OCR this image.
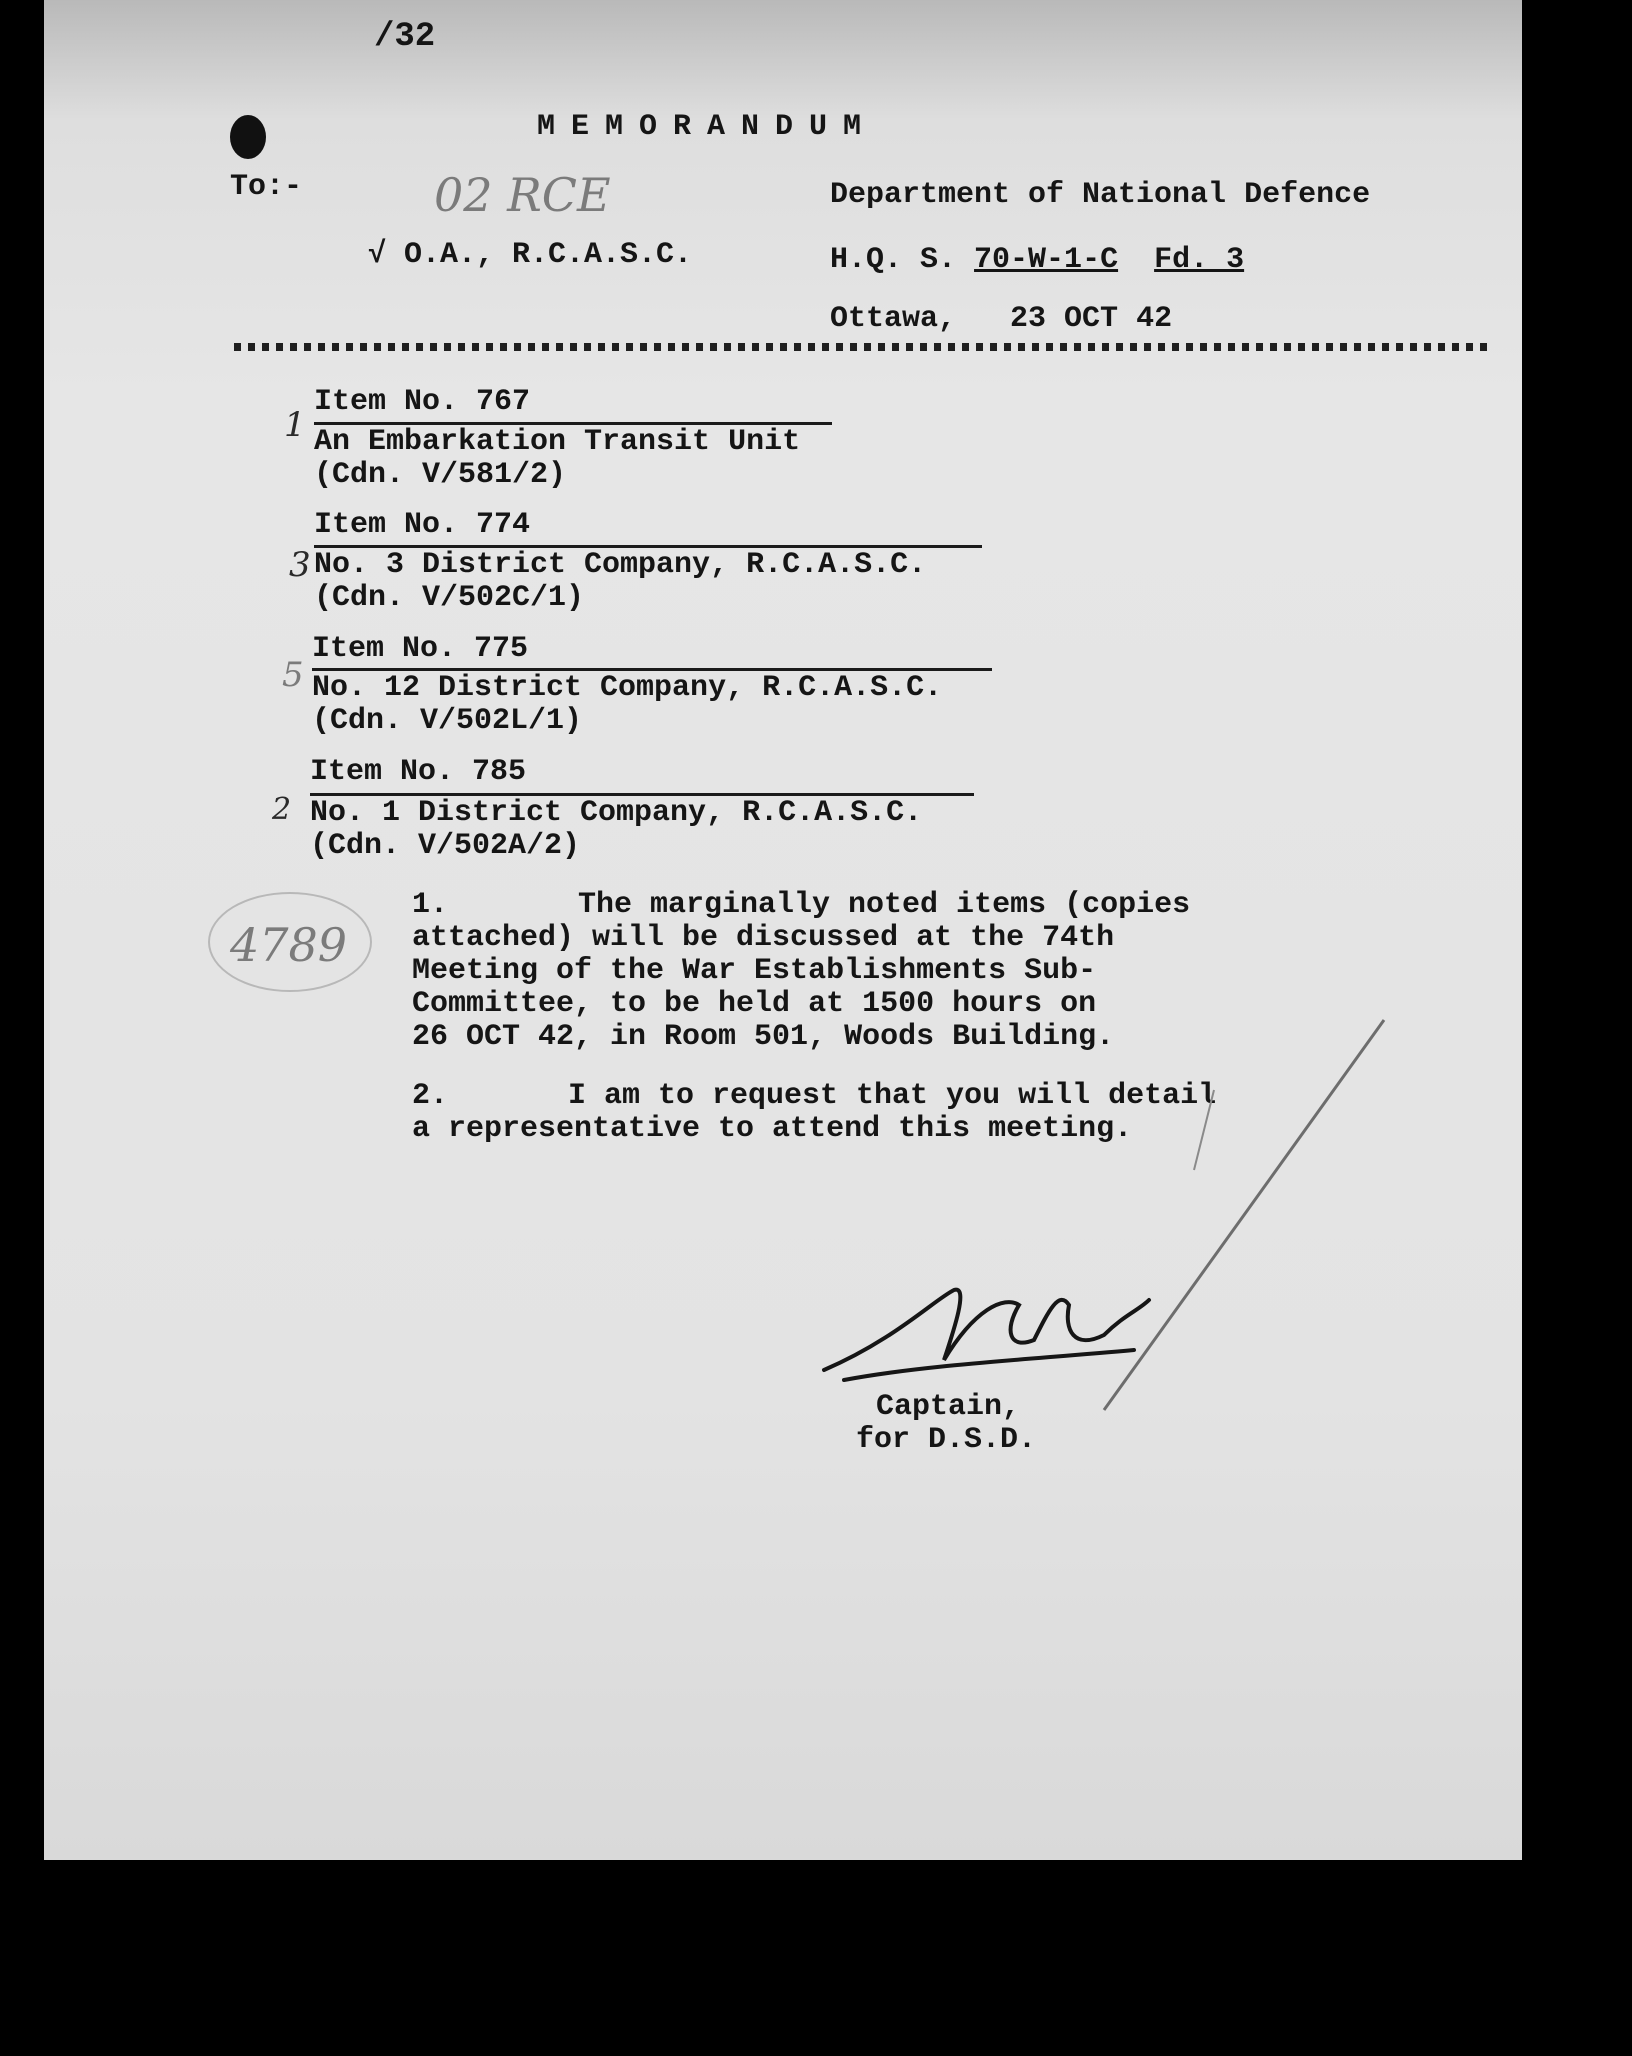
/32
MEMORANDUM
To:-	02 RCE
√ O.A., R.C.A.S.C.
Department of National Defence
H.Q. S. 70-W-1-C Fd. 3
Ottawa, 23 OCT 42
Item No. 767
1 An Embarkation Transit Unit
(Cdn. V/581/2)
Item No. 774
3 No. 3 District Company, R.C.A.S.C.
(Cdn. V/502C/1)
Item No. 775
5 No. 12 District Company, R.C.A.S.C.
(Cdn. V/502L/1)
Item No. 785
2 No. 1 District Company, R.C.A.S.C.
(Cdn. V/502A/2)
4789
1.	The marginally noted items (copies
attached) will be discussed at the 74th
Meeting of the War Establishments Sub-
Committee, to be held at 1500 hours on
26 OCT 42, in Room 501, Woods Building.
2.	I am to request that you will detail
a representative to attend this meeting.
Captain,
for D.S.D.
